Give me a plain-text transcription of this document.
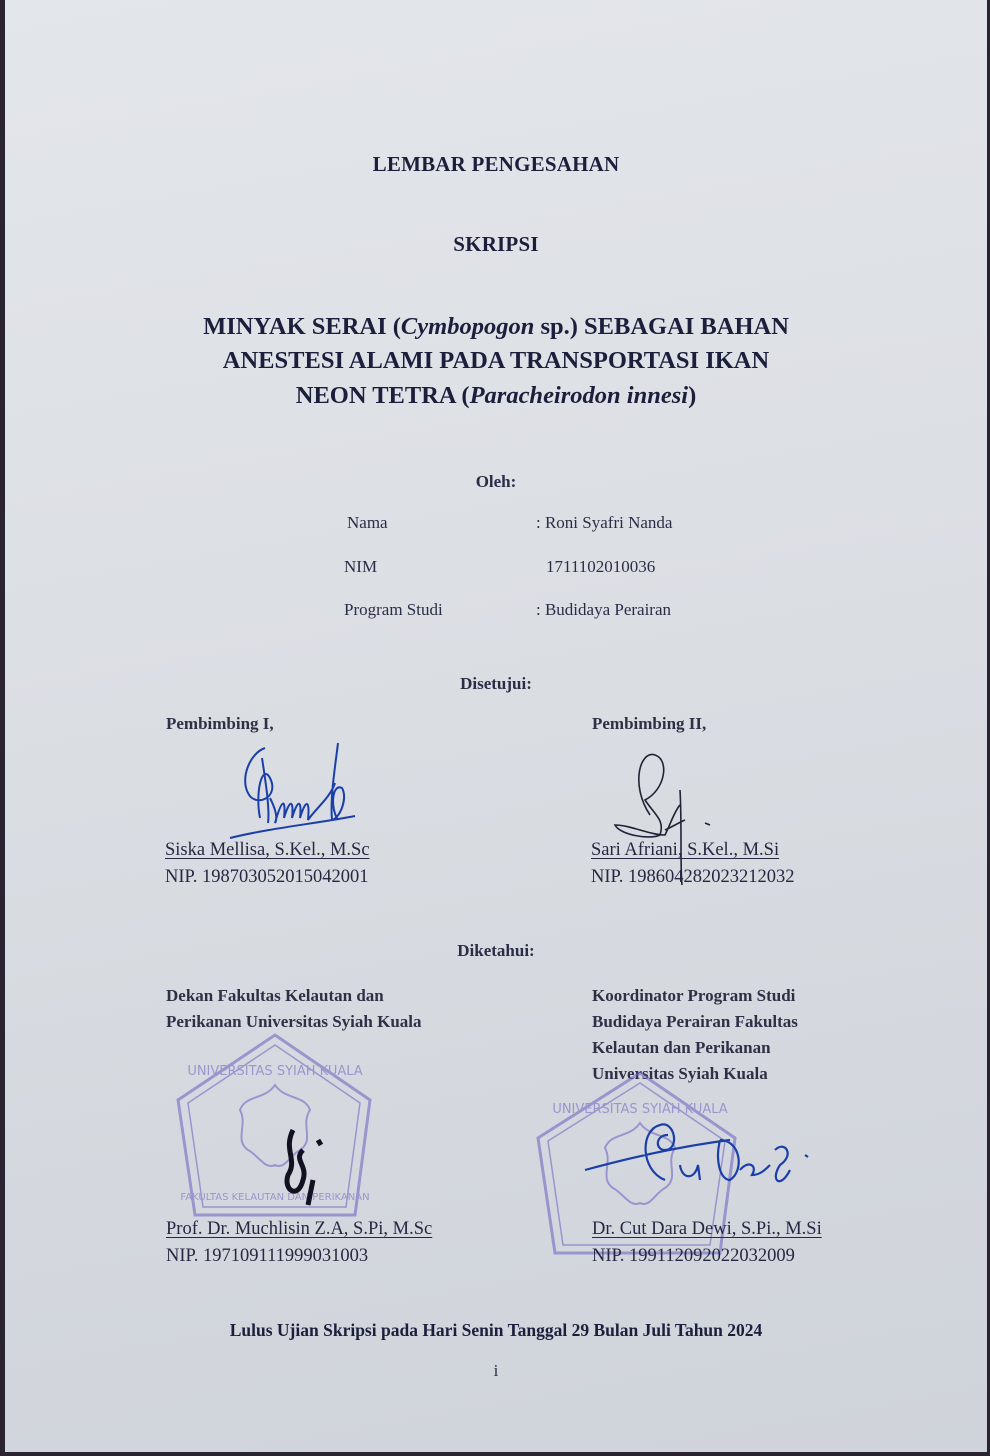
LEMBAR PENGESAHAN
SKRIPSI
MINYAK SERAI (Cymbopogon sp.) SEBAGAI BAHAN
ANESTESI ALAMI PADA TRANSPORTASI IKAN
NEON TETRA (Paracheirodon innesi)
Oleh:
Nama	: Roni Syafri Nanda
NIM	1711102010036
Program Studi	: Budidaya Perairan
Disetujui:
Pembimbing I,
Siska Mellisa, S.Kel., M.Sc
NIP. 198703052015042001
Pembimbing II,
Sari Afriani, S.Kel., M.Si
NIP. 198604282023212032
Diketahui:
Dekan Fakultas Kelautan dan
Perikanan Universitas Syiah Kuala
UNIVERSITAS SYIAH KUALA
FAKULTAS KELAUTAN DAN PERIKANAN
Prof. Dr. Muchlisin Z.A, S.Pi, M.Sc
NIP. 197109111999031003
Koordinator Program Studi
Budidaya Perairan Fakultas
Kelautan dan Perikanan
Universitas Syiah Kuala
UNIVERSITAS SYIAH KUALA
Dr. Cut Dara Dewi, S.Pi., M.Si
NIP. 199112092022032009
Lulus Ujian Skripsi pada Hari Senin Tanggal 29 Bulan Juli Tahun 2024
i
